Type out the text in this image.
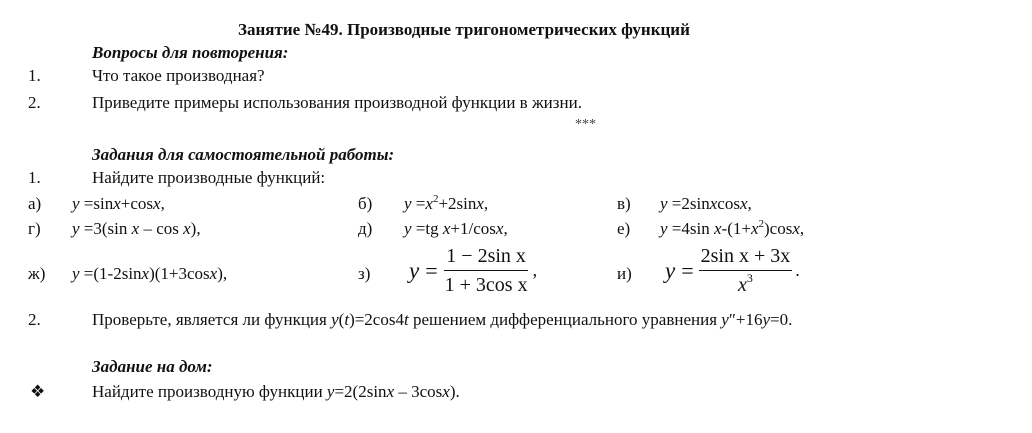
Занятие №49. Производные тригонометрических функций
Вопросы для повторения:
1.	Что такое производная?
2.	Приведите примеры использования производной функции в жизни.
***
Задания для самостоятельной работы:
1.	Найдите производные функций:
а) y =sinx+cosx,	б) $y =x^2+2\sin x$,	в) y =2sinxcosx,
г) y =3(sin x – cos x),	д) y =tg x+1/cosx,	е) y =4sin $x-(1+x^2)\cos x$,
ж) y =(1-2sinx)(1+3cosx),	з) $y = \frac{\text{1 − 2sin x}}{\text{1 + 3cos x}}$ ,	и) $y = \frac{\text{2sin x + 3x}}{x^3}$ .
2.	Проверьте, является ли функция y(t)=2cos4t решением дифференциального уравнения y″+16y=0.
Задание на дом:
❖	Найдите производную функции y=2(2sinx – 3cosx).
